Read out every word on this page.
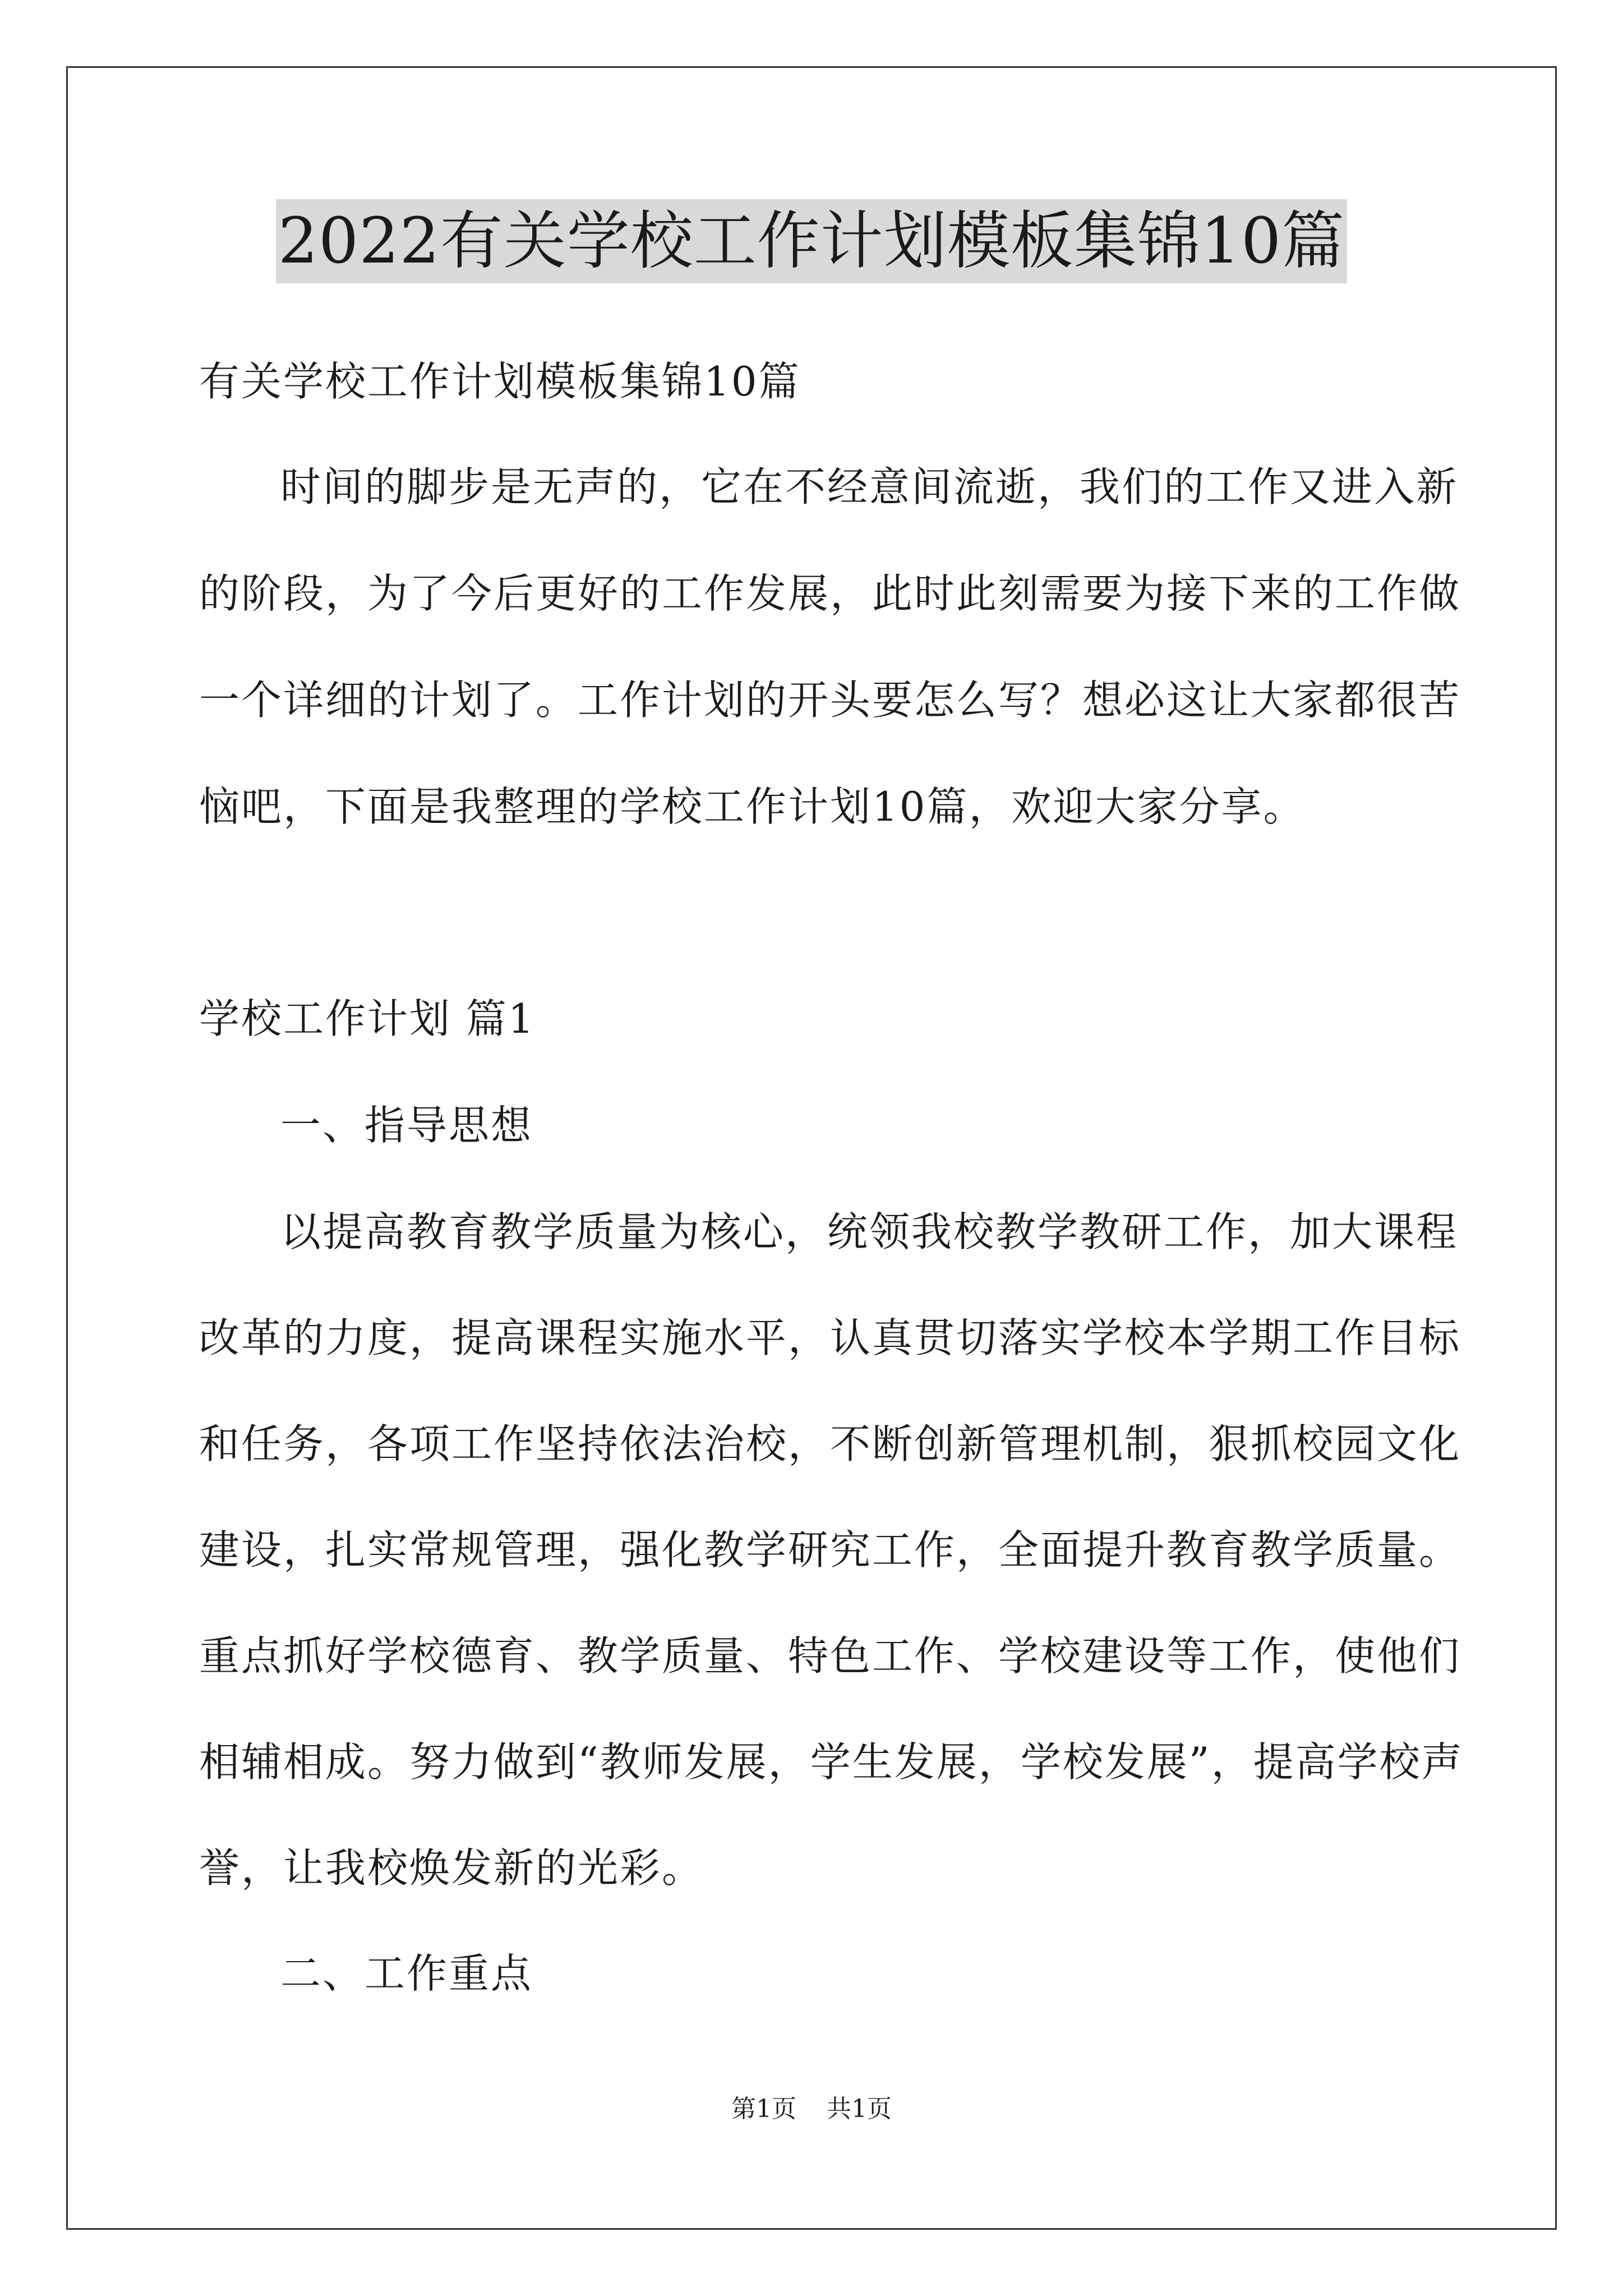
2022有关学校工作计划模板集锦10篇
有关学校工作计划模板集锦10篇
时间的脚步是无声的，它在不经意间流逝，我们的工作又进入新
的阶段，为了今后更好的工作发展，此时此刻需要为接下来的工作做
一个详细的计划了。工作计划的开头要怎么写？想必这让大家都很苦
恼吧，下面是我整理的学校工作计划10篇，欢迎大家分享。
学校工作计划 篇1
一、指导思想
以提高教育教学质量为核心，统领我校教学教研工作，加大课程
改革的力度，提高课程实施水平，认真贯切落实学校本学期工作目标
和任务，各项工作坚持依法治校，不断创新管理机制，狠抓校园文化
建设，扎实常规管理，强化教学研究工作，全面提升教育教学质量。
重点抓好学校德育、教学质量、特色工作、学校建设等工作，使他们
相辅相成。努力做到“教师发展，学生发展，学校发展”，提高学校声
誉，让我校焕发新的光彩。
二、工作重点
第1页 共1页
